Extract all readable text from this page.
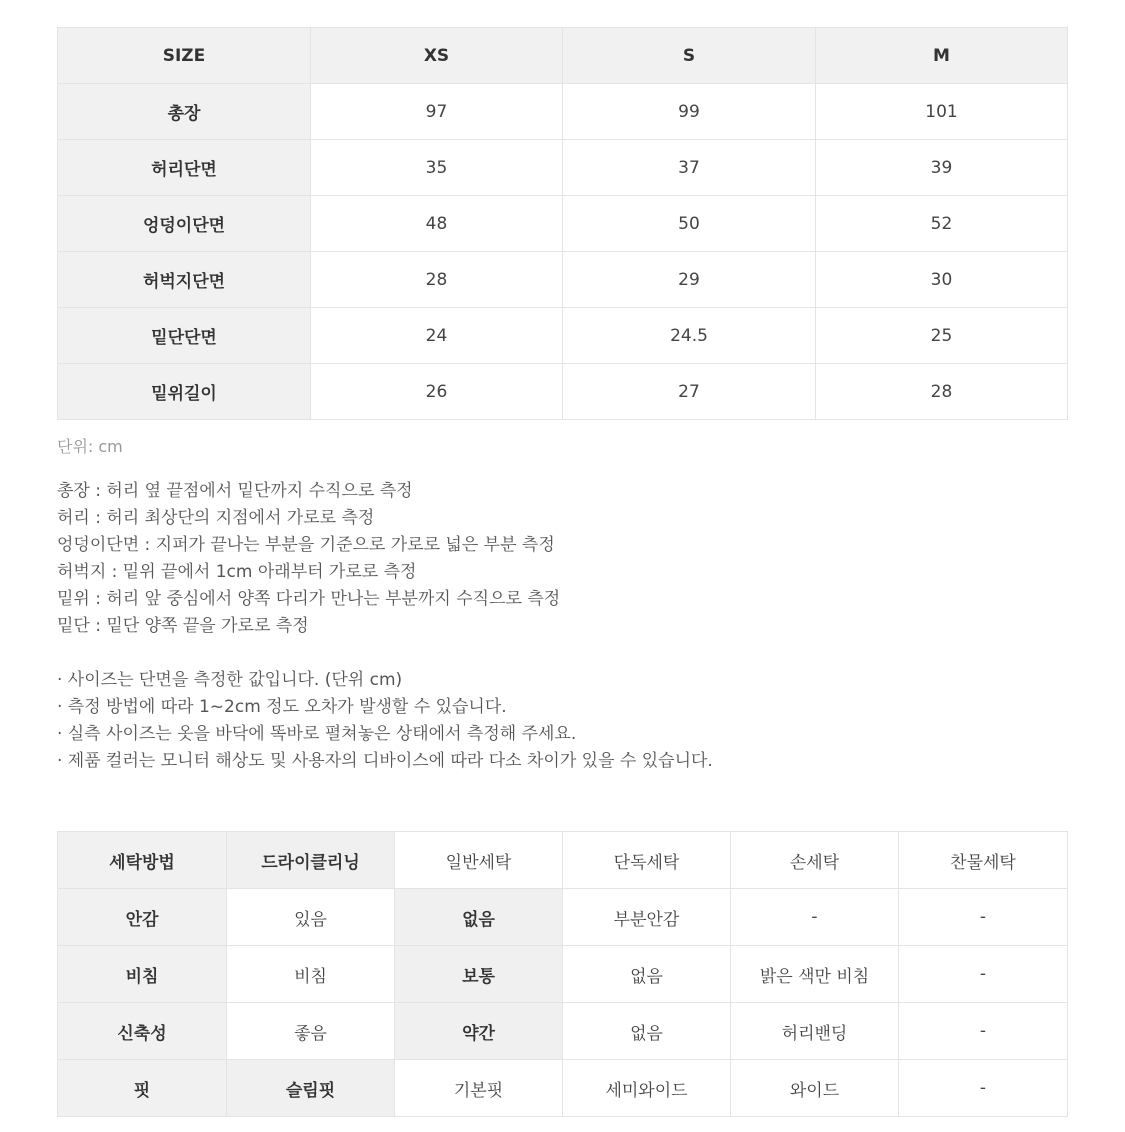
SIZE	XS	S	M
총장	97	99	101
허리단면	35	37	39
엉덩이단면	48	50	52
허벅지단면	28	29	30
밑단단면	24	24.5	25
밑위길이	26	27	28
단위: cm
총장 : 허리 옆 끝점에서 밑단까지 수직으로 측정
허리 : 허리 최상단의 지점에서 가로로 측정
엉덩이단면 : 지퍼가 끝나는 부분을 기준으로 가로로 넓은 부분 측정
허벅지 : 밑위 끝에서 1cm 아래부터 가로로 측정
밑위 : 허리 앞 중심에서 양쪽 다리가 만나는 부분까지 수직으로 측정
밑단 : 밑단 양쪽 끝을 가로로 측정
· 사이즈는 단면을 측정한 값입니다. (단위 cm)
· 측정 방법에 따라 1~2cm 정도 오차가 발생할 수 있습니다.
· 실측 사이즈는 옷을 바닥에 똑바로 펼쳐놓은 상태에서 측정해 주세요.
· 제품 컬러는 모니터 해상도 및 사용자의 디바이스에 따라 다소 차이가 있을 수 있습니다.
세탁방법	드라이클리닝	일반세탁	단독세탁	손세탁	찬물세탁
안감	있음	없음	부분안감	-	-
비침	비침	보통	없음	밝은 색만 비침	-
신축성	좋음	약간	없음	허리밴딩	-
핏	슬림핏	기본핏	세미와이드	와이드	-
